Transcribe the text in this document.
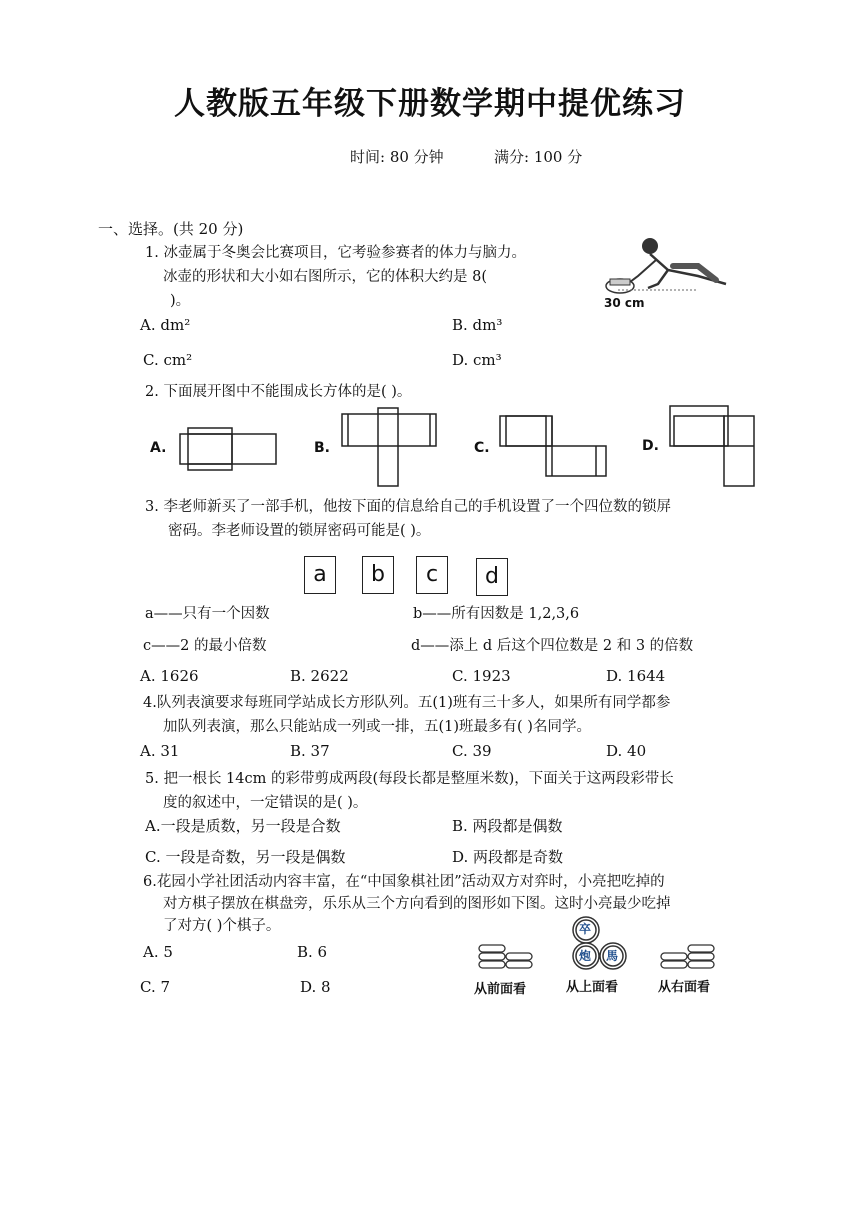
人教版五年级下册数学期中提优练习
时间: 80 分钟	满分: 100 分
一、选择。(共 20 分)
1. 冰壶属于冬奥会比赛项目，它考验参赛者的体力与脑力。
冰壶的形状和大小如右图所示，它的体积大约是 8(
)。	30 cm
A. dm²	B. dm³
C. cm²	D. cm³
2. 下面展开图中不能围成长方体的是( )。
A.	B.	C.	D.
3. 李老师新买了一部手机，他按下面的信息给自己的手机设置了一个四位数的锁屏
密码。李老师设置的锁屏密码可能是( )。
a	b	c	d
a——只有一个因数	b——所有因数是 1,2,3,6
c——2 的最小倍数	d——添上 d 后这个四位数是 2 和 3 的倍数
A. 1626	B. 2622	C. 1923	D. 1644
4.队列表演要求每班同学站成长方形队列。五(1)班有三十多人，如果所有同学都参
加队列表演，那么只能站成一列或一排，五(1)班最多有( )名同学。
A. 31	B. 37	C. 39	D. 40
5. 把一根长 14cm 的彩带剪成两段(每段长都是整厘米数)，下面关于这两段彩带长
度的叙述中，一定错误的是( )。
A.一段是质数，另一段是合数	B. 两段都是偶数
C. 一段是奇数，另一段是偶数	D. 两段都是奇数
6.花园小学社团活动内容丰富，在“中国象棋社团”活动双方对弈时，小亮把吃掉的
对方棋子摆放在棋盘旁，乐乐从三个方向看到的图形如下图。这时小亮最少吃掉
了对方( )个棋子。
A. 5	B. 6
C. 7	D. 8	从前面看
卒
炮 馬
从上面看	从右面看
